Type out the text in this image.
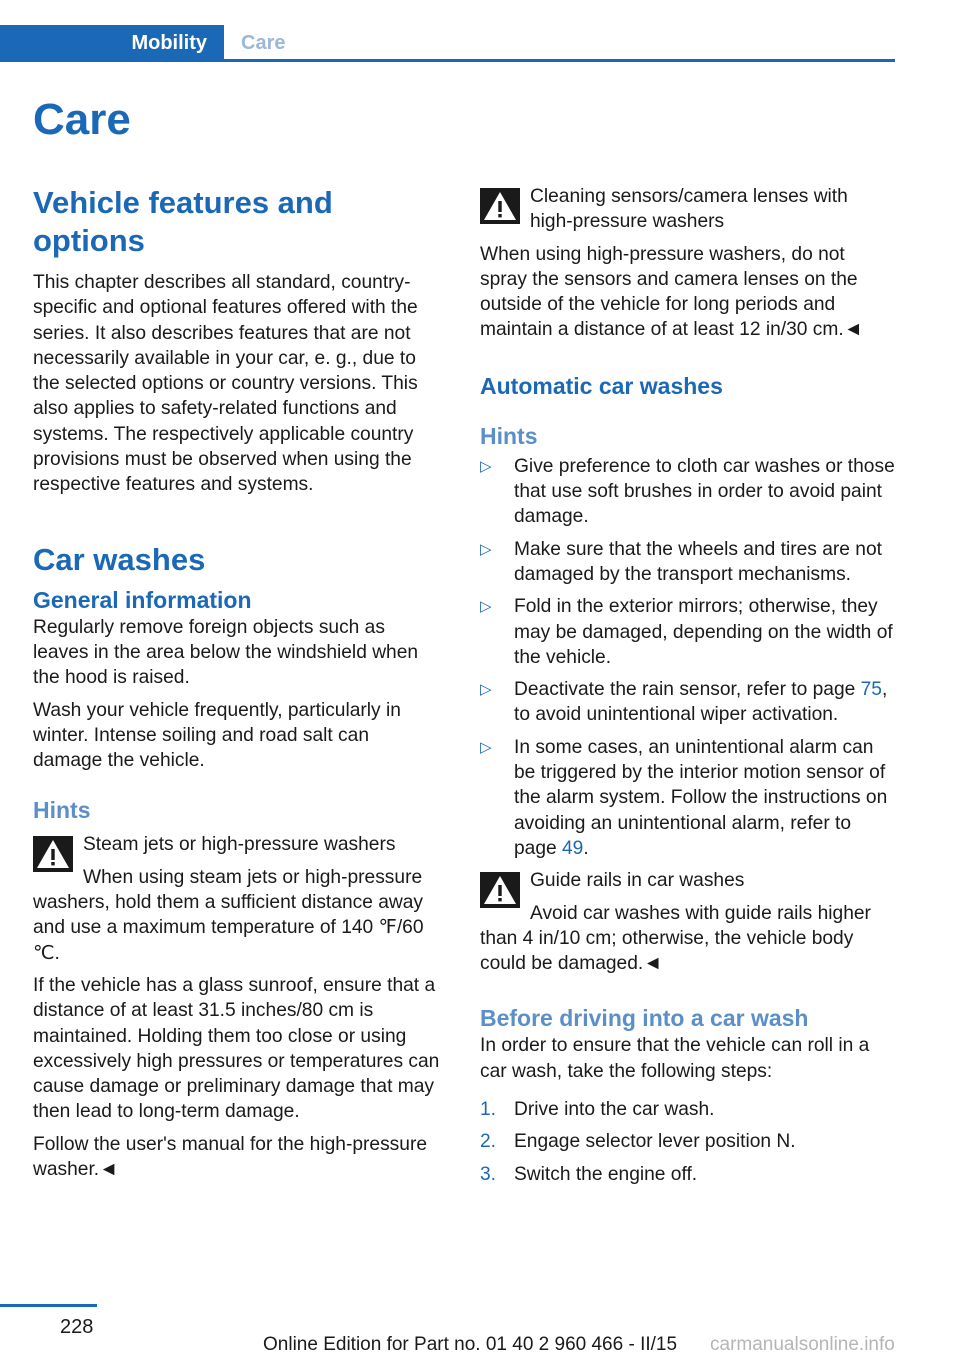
Mobility	Care
Care
Vehicle features and options

This chapter describes all standard, country-specific and optional features offered with the series. It also describes features that are not necessarily available in your car, e. g., due to the selected options or country versions. This also applies to safety-related functions and systems. The respectively applicable country provisions must be observed when using the respective features and systems.

Car washes
General information

Regularly remove foreign objects such as leaves in the area below the windshield when the hood is raised.

Wash your vehicle frequently, particularly in winter. Intense soiling and road salt can damage the vehicle.

Hints

Steam jets or high-pressure washers

When using steam jets or high-pressure washers, hold them a sufficient distance away and use a maximum temperature of 140 ℉/60 ℃.

If the vehicle has a glass sunroof, ensure that a distance of at least 31.5 inches/80 cm is maintained. Holding them too close or using excessively high pressures or temperatures can cause damage or preliminary damage that may then lead to long-term damage.

Follow the user's manual for the high-pressure washer.◄

Cleaning sensors/camera lenses with high-pressure washers

When using high-pressure washers, do not spray the sensors and camera lenses on the outside of the vehicle for long periods and maintain a distance of at least 12 in/30 cm.◄

Automatic car washes
Hints
▷ Give preference to cloth car washes or those that use soft brushes in order to avoid paint damage.
▷ Make sure that the wheels and tires are not damaged by the transport mechanisms.
▷ Fold in the exterior mirrors; otherwise, they may be damaged, depending on the width of the vehicle.
▷ Deactivate the rain sensor, refer to page 75, to avoid unintentional wiper activation.
▷ In some cases, an unintentional alarm can be triggered by the interior motion sensor of the alarm system. Follow the instructions on avoiding an unintentional alarm, refer to page 49.

Guide rails in car washes

Avoid car washes with guide rails higher than 4 in/10 cm; otherwise, the vehicle body could be damaged.◄

Before driving into a car wash

In order to ensure that the vehicle can roll in a car wash, take the following steps:

1. Drive into the car wash.
2. Engage selector lever position N.
3. Switch the engine off.
228
Online Edition for Part no. 01 40 2 960 466 - II/15 carmanualsonline.info
